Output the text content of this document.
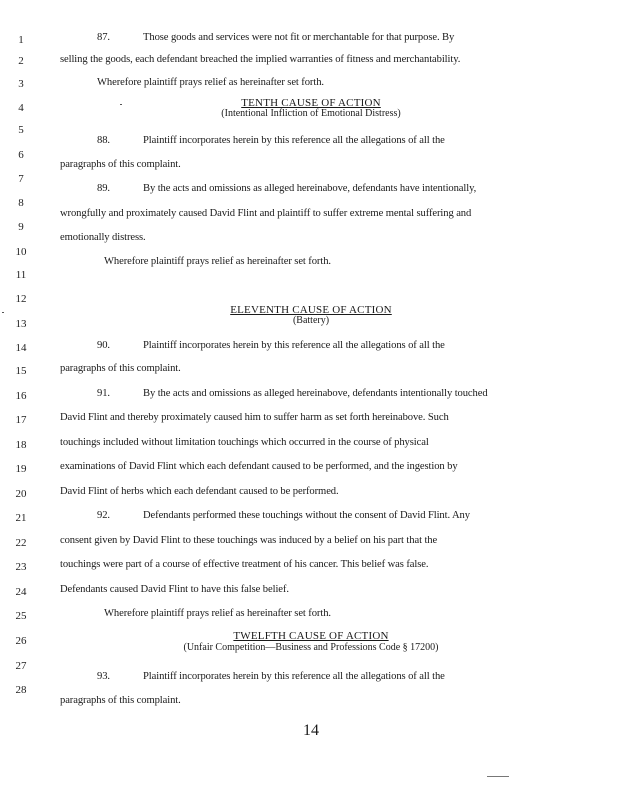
1
2
3
4
5
6
7
8
9
10
11
12
13
14
15
16
17
18
19
20
21
22
23
24
25
26
27
28
87.	Those goods and services were not fit or merchantable for that purpose. By
selling the goods, each defendant breached the implied warranties of fitness and merchantability.
Wherefore plaintiff prays relief as hereinafter set forth.
TENTH CAUSE OF ACTION
(Intentional Infliction of Emotional Distress)
88.	Plaintiff incorporates herein by this reference all the allegations of all the
paragraphs of this complaint.
89.	By the acts and omissions as alleged hereinabove, defendants have intentionally,
wrongfully and proximately caused David Flint and plaintiff to suffer extreme mental suffering and
emotionally distress.
Wherefore plaintiff prays relief as hereinafter set forth.
ELEVENTH CAUSE OF ACTION
(Battery)
90.	Plaintiff incorporates herein by this reference all the allegations of all the
paragraphs of this complaint.
91.	By the acts and omissions as alleged hereinabove, defendants intentionally touched
David Flint and thereby proximately caused him to suffer harm as set forth hereinabove. Such
touchings included without limitation touchings which occurred in the course of physical
examinations of David Flint which each defendant caused to be performed, and the ingestion by
David Flint of herbs which each defendant caused to be performed.
92.	Defendants performed these touchings without the consent of David Flint. Any
consent given by David Flint to these touchings was induced by a belief on his part that the
touchings were part of a course of effective treatment of his cancer. This belief was false.
Defendants caused David Flint to have this false belief.
Wherefore plaintiff prays relief as hereinafter set forth.
TWELFTH CAUSE OF ACTION
(Unfair Competition—Business and Professions Code § 17200)
93.	Plaintiff incorporates herein by this reference all the allegations of all the
paragraphs of this complaint.
14
